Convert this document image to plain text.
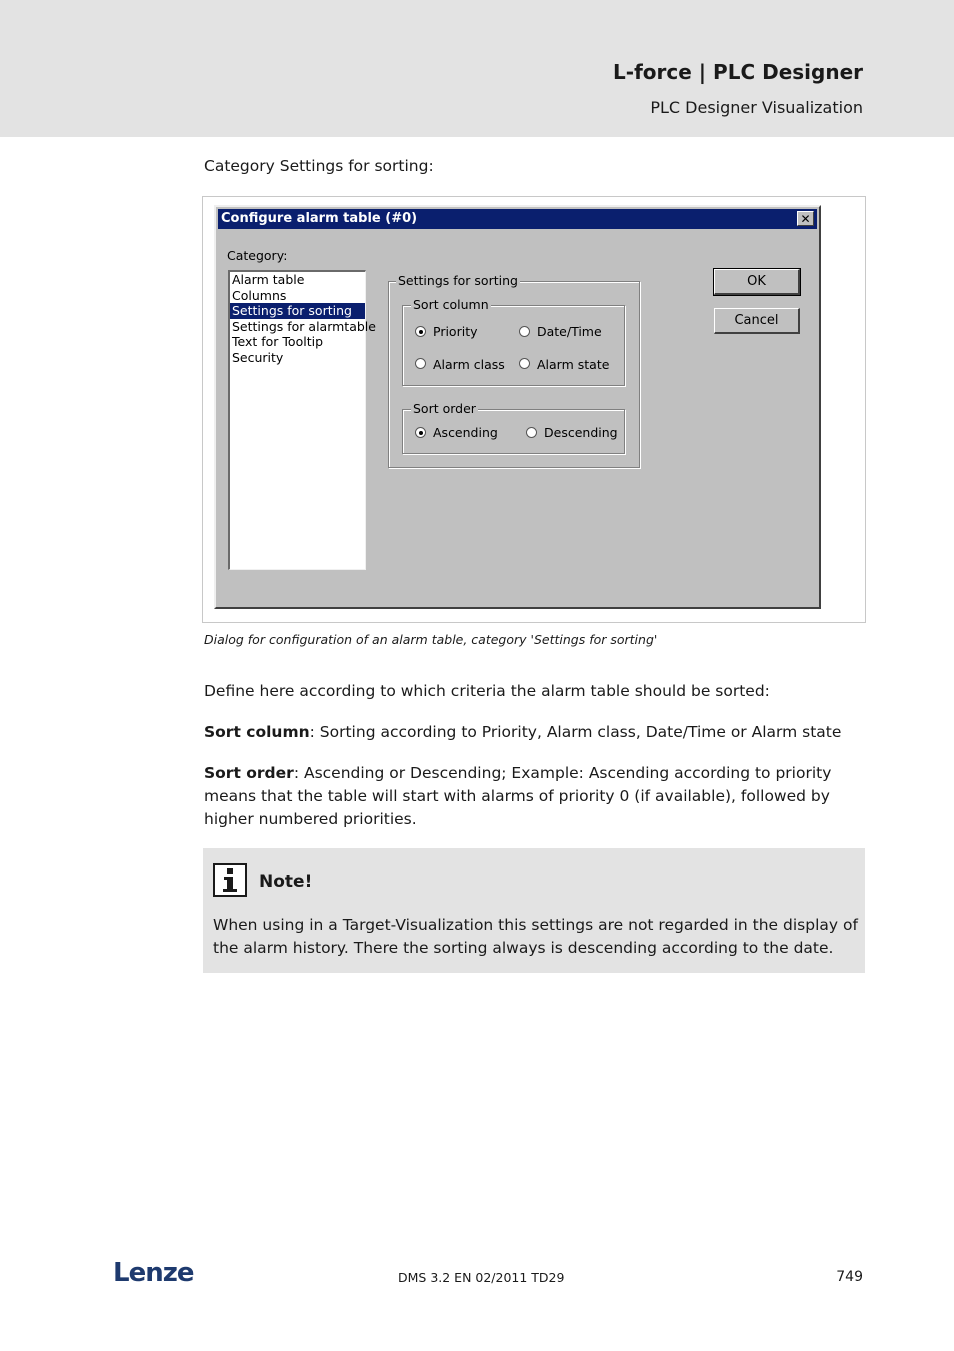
L-force | PLC Designer
PLC Designer Visualization
Category Settings for sorting:
Configure alarm table (#0)	✕
Category:
Alarm table
Columns
Settings for sorting
Settings for alarmtable
Text for Tooltip
Security
Settings for sorting
Sort column
Priority	Date/Time
Alarm class	Alarm state
Sort order
Ascending	Descending
OK
Cancel
Dialog for configuration of an alarm table, category 'Settings for sorting'
Define here according to which criteria the alarm table should be sorted:
Sort column: Sorting according to Priority, Alarm class, Date/Time or Alarm state
Sort order: Ascending or Descending; Example: Ascending according to priority means that the table will start with alarms of priority 0 (if available), followed by higher numbered priorities.
Note!
When using in a Target-Visualization this settings are not regarded in the display of the alarm history. There the sorting always is descending according to the date.
Lenze	DMS 3.2 EN 02/2011 TD29	749
